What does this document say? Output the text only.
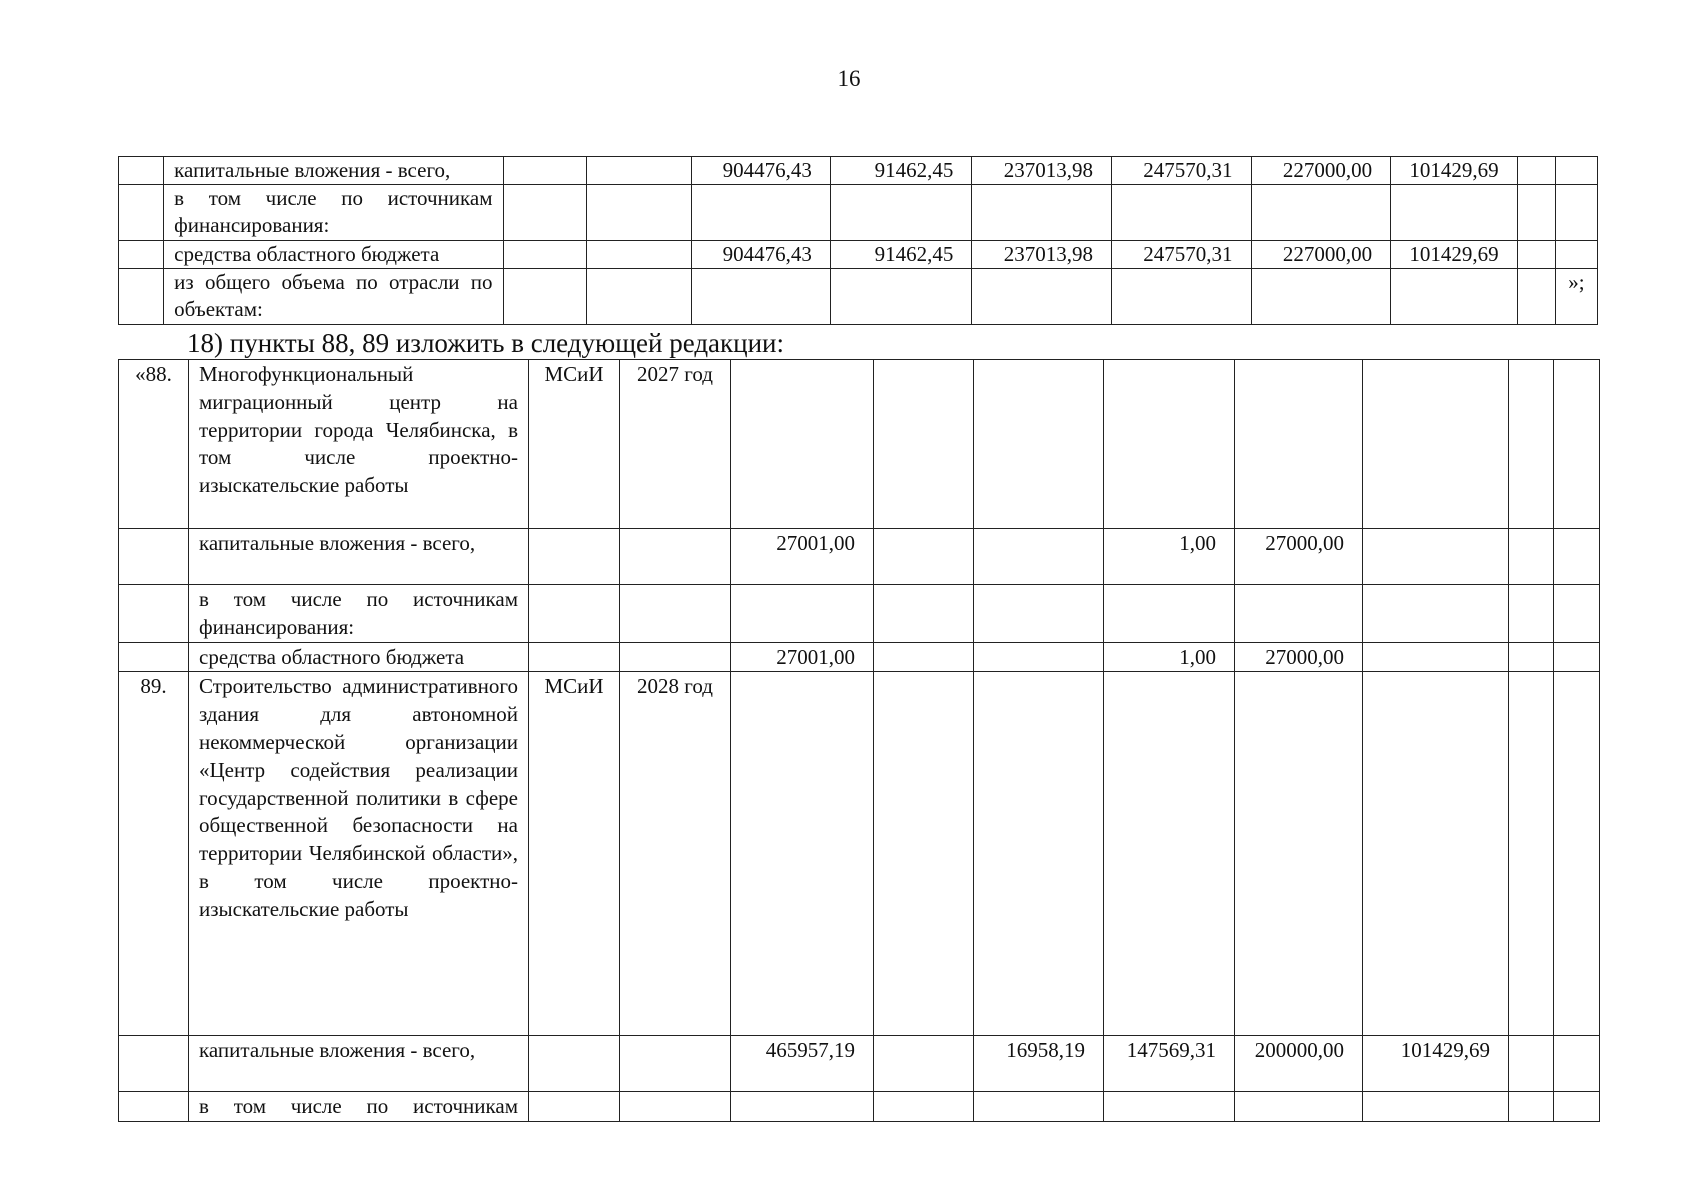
16
	капитальные вложения - всего,			904476,43	91462,45	237013,98	247570,31	227000,00	101429,69		
	в том числе по источникам финансирования:										
	средства областного бюджета			904476,43	91462,45	237013,98	247570,31	227000,00	101429,69		
	из общего объема по отрасли по объектам:										»;
18) пункты 88, 89 изложить в следующей редакции:
«88.	Многофункциональный миграционный центр на территории города Челябинска, в том числе проектно-изыскательские работы	МСиИ	2027 год								
	капитальные вложения - всего,			27001,00			1,00	27000,00			
	в том числе по источникам финансирования:										
	средства областного бюджета			27001,00			1,00	27000,00			
89.	Строительство административного здания для автономной некоммерческой организации «Центр содействия реализации государственной политики в сфере общественной безопасности на территории Челябинской области», в том числе проектно-изыскательские работы	МСиИ	2028 год								
	капитальные вложения - всего,			465957,19		16958,19	147569,31	200000,00	101429,69		
	в том числе по источникам										
